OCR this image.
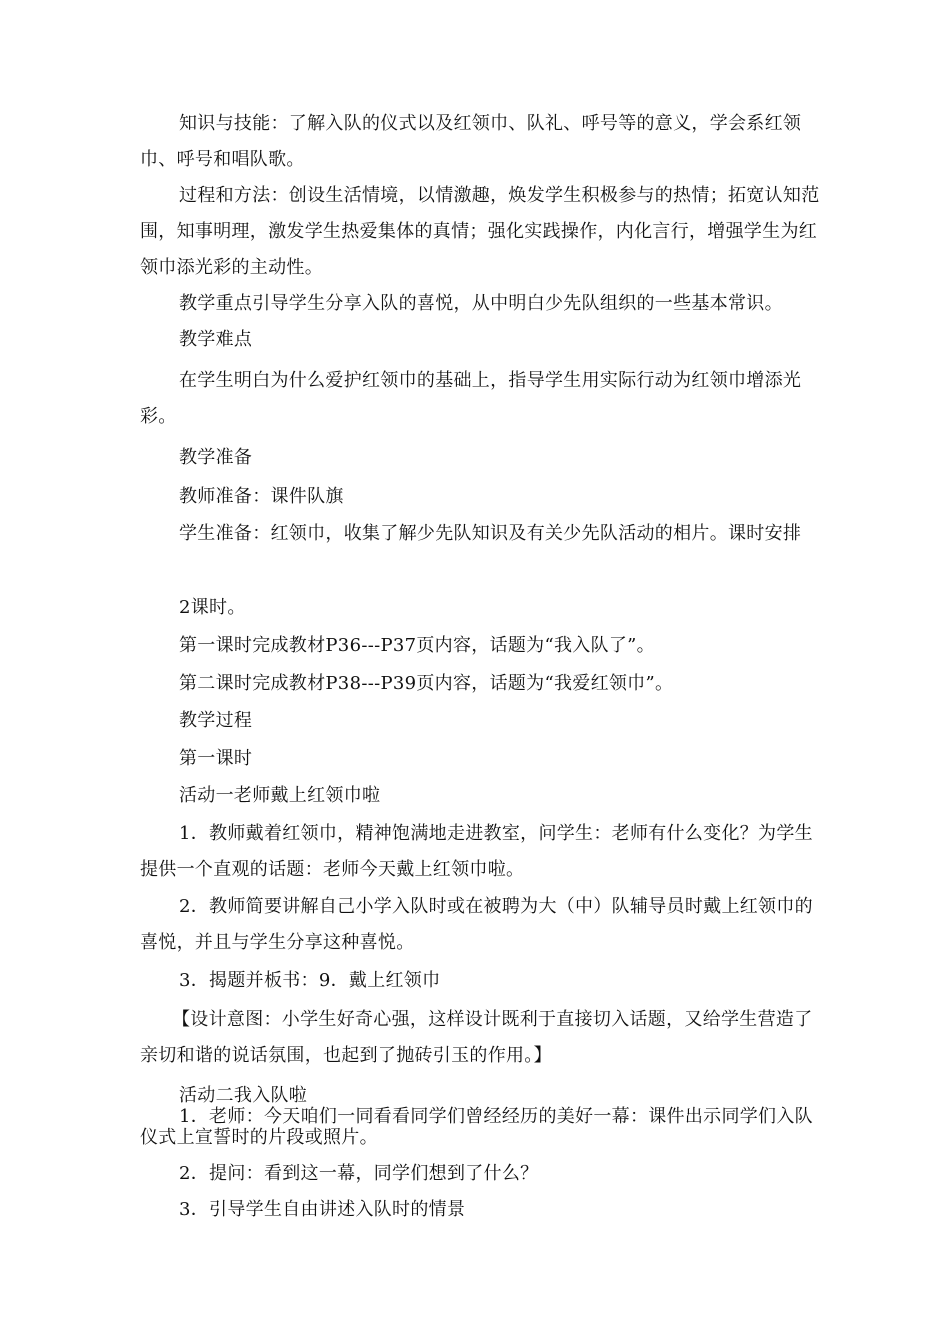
知识与技能：了解入队的仪式以及红领巾、队礼、呼号等的意义，学会系红领巾、呼号和唱队歌。

过程和方法：创设生活情境，以情激趣，焕发学生积极参与的热情；拓宽认知范围，知事明理，激发学生热爱集体的真情；强化实践操作，内化言行，增强学生为红领巾添光彩的主动性。

教学重点引导学生分享入队的喜悦，从中明白少先队组织的一些基本常识。

教学难点

在学生明白为什么爱护红领巾的基础上，指导学生用实际行动为红领巾增添光彩。

教学准备

教师准备：课件队旗

学生准备：红领巾，收集了解少先队知识及有关少先队活动的相片。课时安排

2课时。

第一课时完成教材P36---P37页内容，话题为“我入队了”。

第二课时完成教材P38---P39页内容，话题为“我爱红领巾”。

教学过程

第一课时

活动一老师戴上红领巾啦

1．教师戴着红领巾，精神饱满地走进教室，问学生：老师有什么变化？为学生提供一个直观的话题：老师今天戴上红领巾啦。

2．教师简要讲解自己小学入队时或在被聘为大（中）队辅导员时戴上红领巾的喜悦，并且与学生分享这种喜悦。

3．揭题并板书：9．戴上红领巾

【设计意图：小学生好奇心强，这样设计既利于直接切入话题，又给学生营造了亲切和谐的说话氛围，也起到了抛砖引玉的作用。】

活动二我入队啦

1．老师：今天咱们一同看看同学们曾经经历的美好一幕：课件出示同学们入队仪式上宣誓时的片段或照片。

2．提问：看到这一幕，同学们想到了什么？

3．引导学生自由讲述入队时的情景
